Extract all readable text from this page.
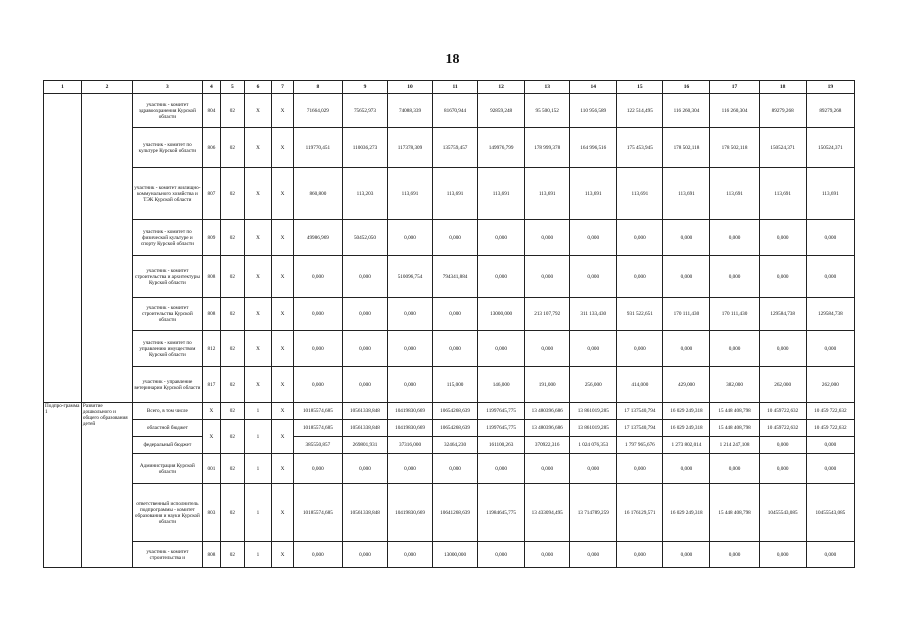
18
1	2	3	4	5	6	7	8	9	10	11	12	13	14	15	16	17	18	19
		участник - комитет здравоохранения Курской области	804	02	Х	Х	71664,029	75652,973	74088,339	81670,944	92859,248	95 500,152	110 956,589	122 514,495	116 260,304	116 260,304	89279,268	89279,268
		участник - комитет по культуре Курской области	806	02	Х	Х	119770,451	110036,273	117378,309	135759,457	149976,799	178 999,378	164 996,516	175 453,945	178 502,118	178 502,118	150524,371	150524,371
		участник - комитет жилищно-коммунального хозяйства и ТЭК Курской области	807	02	Х	Х	860,800	113,203	113,691	113,691	113,691	113,691	113,691	113,691	113,691	113,691	113,691	113,691
		участник - комитет по физической культуре и спорту Курской области	809	02	Х	Х	49986,969	50452,050	0,000	0,000	0,000	0,000	0,000	0,000	0,000	0,000	0,000	0,000
		участник - комитет строительства и архитектуры Курской области	808	02	Х	Х	0,000	0,000	510096,754	794341,884	0,000	0,000	0,000	0,000	0,000	0,000	0,000	0,000
		участник - комитет строительства Курской области	808	02	Х	Х	0,000	0,000	0,000	0,000	13000,000	213 107,792	311 133,430	931 522,651	170 111,430	170 111,430	129584,738	129584,738
		участник - комитет по управлению имуществом Курской области	812	02	Х	Х	0,000	0,000	0,000	0,000	0,000	0,000	0,000	0,000	0,000	0,000	0,000	0,000
		участник - управление ветеринарии Курской области	817	02	Х	Х	0,000	0,000	0,000	115,000	146,000	191,000	256,000	414,000	429,000	382,000	262,000	262,000
Подпро-грамма 1	Развитие дошкольного и общего образования детей	Всего, в том числе	Х	02	1	Х	10185574,685	10561338,848	10419830,669	10654268,639	11997645,775	13 480396,686	13 861019,285	17 137540,794	16 029 249,318	15 448 408,798	10 459722,632	10 459 722,632
		областной бюджет	Х	02	1	Х	10185574,685	10561338,848	10419830,669	10654268,639	11997645,775	13 480396,686	13 861019,285	17 137540,794	16 029 249,318	15 448 408,798	10 459722,632	10 459 722,632
		федеральный бюджет					385550,857	269801,931	37316,000	32464,230	161100,263	370922,316	1 024 076,353	1 797 965,676	1 273 802,014	1 214 247,108	0,000	0,000
		Администрация Курской области	001	02	1	Х	0,000	0,000	0,000	0,000	0,000	0,000	0,000	0,000	0,000	0,000	0,000	0,000
		ответственный исполнитель подпрограммы - комитет образования и науки Курской области	803	02	1	Х	10185574,685	10561338,848	10419830,669	10641268,639	11984645,775	13 433094,495	13 714789,259	16 176129,571	16 029 249,318	15 448 408,798	10455543,085	10455543,085
		участник - комитет строительства и	808	02	1	Х	0,000	0,000	0,000	13000,000	0,000	0,000	0,000	0,000	0,000	0,000	0,000	0,000
